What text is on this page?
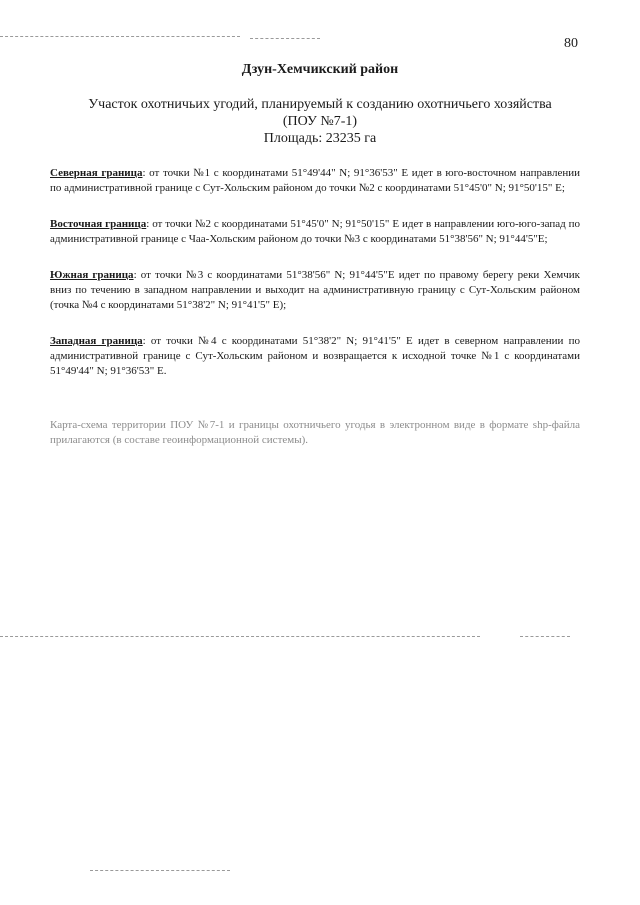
80
Дзун-Хемчикский район
Участок охотничьих угодий, планируемый к созданию охотничьего хозяйства
(ПОУ №7-1)
Площадь: 23235 га

Северная граница: от точки №1 с координатами 51°49'44" N; 91°36'53" E идет в юго-восточном направлении по административной границе с Сут-Хольским районом до точки №2 с координатами 51°45'0" N; 91°50'15" E;

Восточная граница: от точки №2 с координатами 51°45'0" N; 91°50'15" E идет в направлении юго-юго-запад по административной границе с Чаа-Хольским районом до точки №3 с координатами 51°38'56" N; 91°44'5"E;

Южная граница: от точки №3 с координатами 51°38'56" N; 91°44'5"E идет по правому берегу реки Хемчик вниз по течению в западном направлении и выходит на административную границу с Сут-Хольским районом (точка №4 с координатами 51°38'2" N; 91°41'5" E);

Западная граница: от точки №4 с координатами 51°38'2" N; 91°41'5" E идет в северном направлении по административной границе с Сут-Хольским районом и возвращается к исходной точке №1 с координатами 51°49'44" N; 91°36'53" E.

Карта-схема территории ПОУ №7-1 и границы охотничьего угодья в электронном виде в формате shp-файла прилагаются (в составе геоинформационной системы).
